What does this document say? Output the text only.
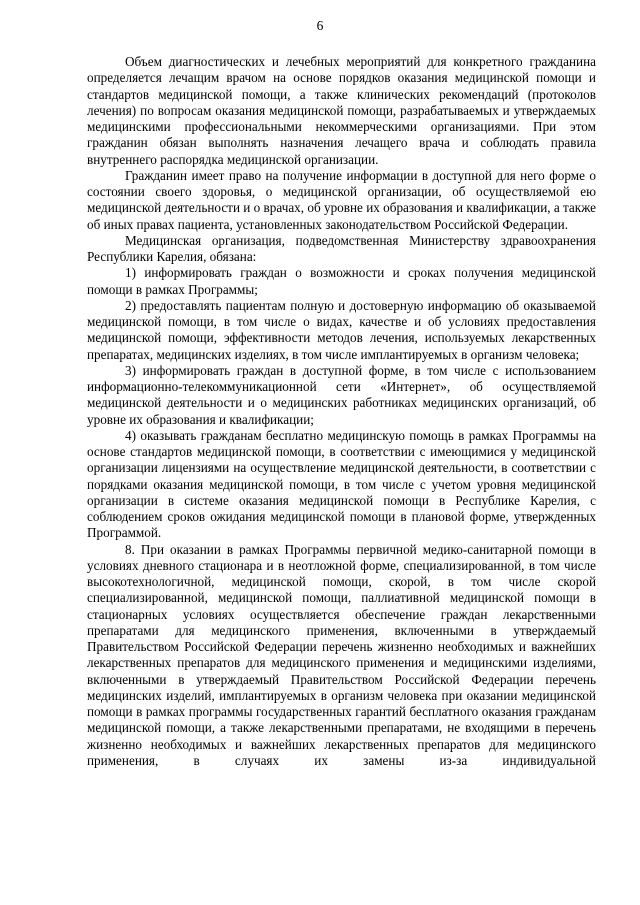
6

Объем диагностических и лечебных мероприятий для конкретного гражданина определяется лечащим врачом на основе порядков оказания медицинской помощи и стандартов медицинской помощи, а также клинических рекомендаций (протоколов лечения) по вопросам оказания медицинской помощи, разрабатываемых и утверждаемых медицинскими профессиональными некоммерческими организациями. При этом гражданин обязан выполнять назначения лечащего врача и соблюдать правила внутреннего распорядка медицинской организации.

Гражданин имеет право на получение информации в доступной для него форме о состоянии своего здоровья, о медицинской организации, об осуществляемой ею медицинской деятельности и о врачах, об уровне их образования и квалификации, а также об иных правах пациента, установленных законодательством Российской Федерации.

Медицинская организация, подведомственная Министерству здравоохранения Республики Карелия, обязана:

1) информировать граждан о возможности и сроках получения медицинской помощи в рамках Программы;

2) предоставлять пациентам полную и достоверную информацию об оказываемой медицинской помощи, в том числе о видах, качестве и об условиях предоставления медицинской помощи, эффективности методов лечения, используемых лекарственных препаратах, медицинских изделиях, в том числе имплантируемых в организм человека;

3) информировать граждан в доступной форме, в том числе с использованием информационно-телекоммуникационной сети «Интернет», об осуществляемой медицинской деятельности и о медицинских работниках медицинских организаций, об уровне их образования и квалификации;

4) оказывать гражданам бесплатно медицинскую помощь в рамках Программы на основе стандартов медицинской помощи, в соответствии с имеющимися у медицинской организации лицензиями на осуществление медицинской деятельности, в соответствии с порядками оказания медицинской помощи, в том числе с учетом уровня медицинской организации в системе оказания медицинской помощи в Республике Карелия, с соблюдением сроков ожидания медицинской помощи в плановой форме, утвержденных Программой.

8. При оказании в рамках Программы первичной медико-санитарной помощи в условиях дневного стационара и в неотложной форме, специализированной, в том числе высокотехнологичной, медицинской помощи, скорой, в том числе скорой специализированной, медицинской помощи, паллиативной медицинской помощи в стационарных условиях осуществляется обеспечение граждан лекарственными препаратами для медицинского применения, включенными в утверждаемый Правительством Российской Федерации перечень жизненно необходимых и важнейших лекарственных препаратов для медицинского применения и медицинскими изделиями, включенными в утверждаемый Правительством Российской Федерации перечень медицинских изделий, имплантируемых в организм человека при оказании медицинской помощи в рамках программы государственных гарантий бесплатного оказания гражданам медицинской помощи, а также лекарственными препаратами, не входящими в перечень жизненно необходимых и важнейших лекарственных препаратов для медицинского применения, в случаях их замены из-за индивидуальной
